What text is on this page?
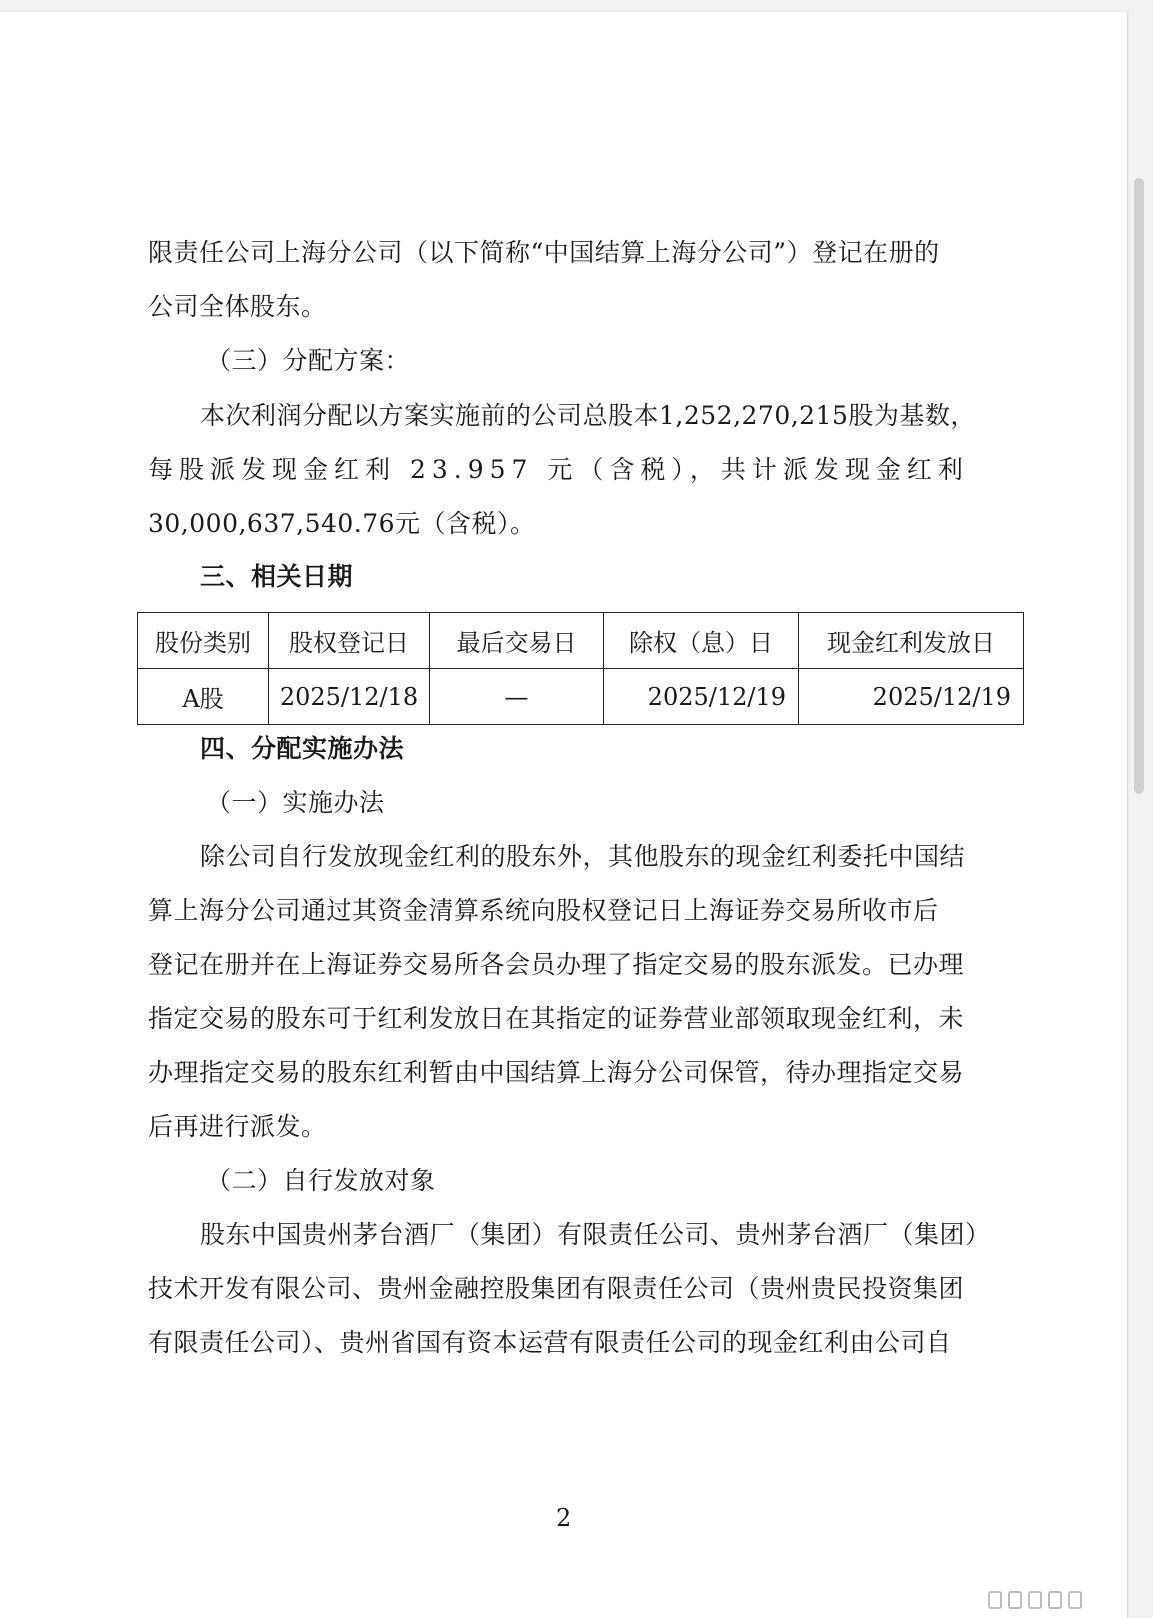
限责任公司上海分公司（以下简称“中国结算上海分公司”）登记在册的
公司全体股东。
（三）分配方案：
本次利润分配以方案实施前的公司总股本1,252,270,215股为基数，
每股派发现金红利 23.957 元（含税），共计派发现金红利
30,000,637,540.76元（含税）。
三、相关日期
股份类别	股权登记日	最后交易日	除权（息）日	现金红利发放日
A股	2025/12/18	—	2025/12/19	2025/12/19
四、分配实施办法
（一）实施办法
除公司自行发放现金红利的股东外，其他股东的现金红利委托中国结
算上海分公司通过其资金清算系统向股权登记日上海证券交易所收市后
登记在册并在上海证券交易所各会员办理了指定交易的股东派发。已办理
指定交易的股东可于红利发放日在其指定的证券营业部领取现金红利，未
办理指定交易的股东红利暂由中国结算上海分公司保管，待办理指定交易
后再进行派发。
（二）自行发放对象
股东中国贵州茅台酒厂（集团）有限责任公司、贵州茅台酒厂（集团）
技术开发有限公司、贵州金融控股集团有限责任公司（贵州贵民投资集团
有限责任公司）、贵州省国有资本运营有限责任公司的现金红利由公司自
2
